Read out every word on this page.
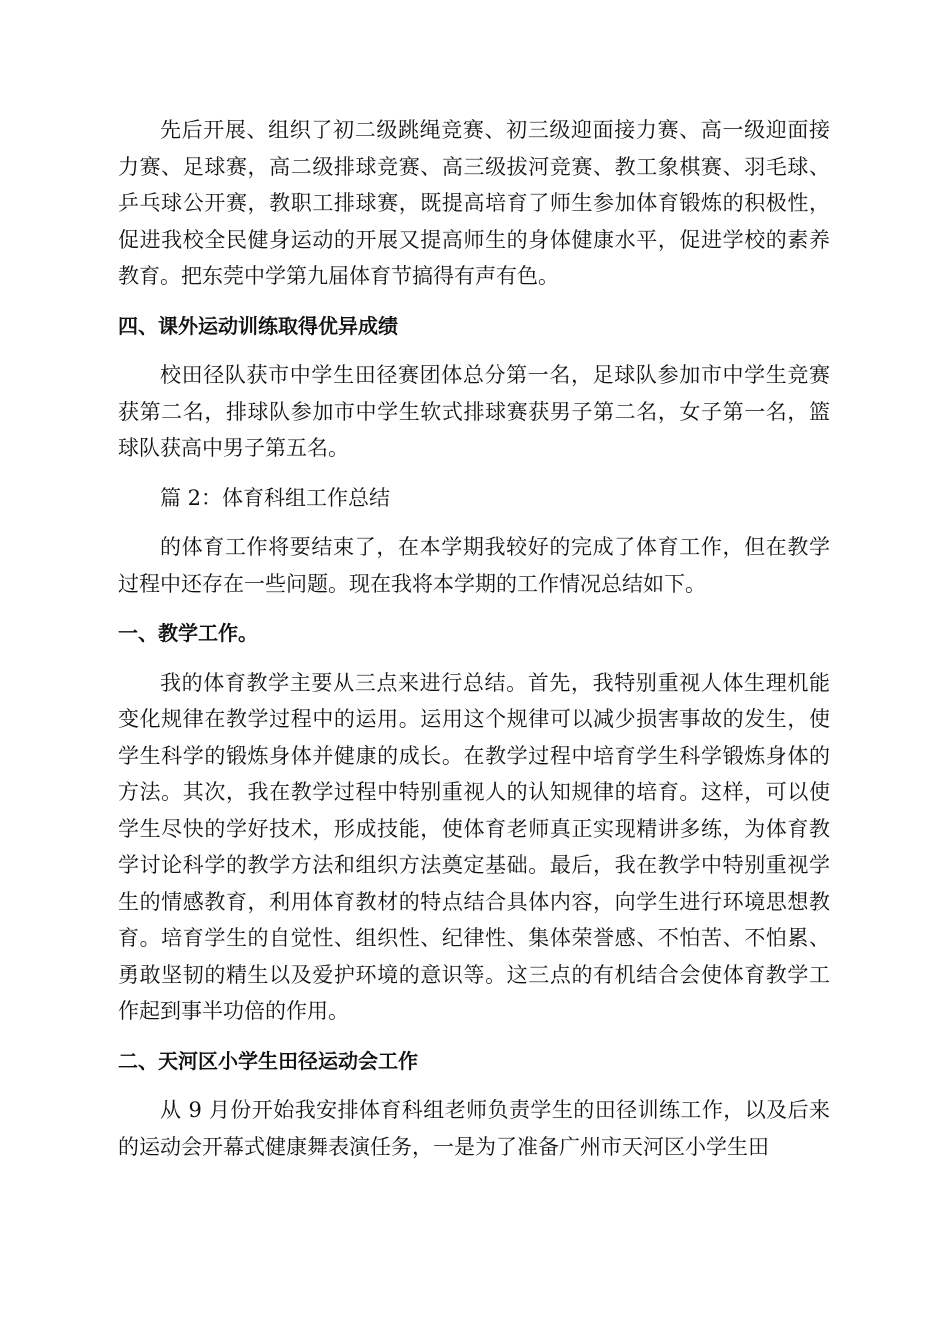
先后开展、组织了初二级跳绳竞赛、初三级迎面接力赛、高一级迎面接力赛、足球赛，高二级排球竞赛、高三级拔河竞赛、教工象棋赛、羽毛球、乒乓球公开赛，教职工排球赛，既提高培育了师生参加体育锻炼的积极性，促进我校全民健身运动的开展又提高师生的身体健康水平，促进学校的素养教育。把东莞中学第九届体育节搞得有声有色。

四、课外运动训练取得优异成绩

校田径队获市中学生田径赛团体总分第一名，足球队参加市中学生竞赛获第二名，排球队参加市中学生软式排球赛获男子第二名，女子第一名，篮球队获高中男子第五名。

篇 2：体育科组工作总结

的体育工作将要结束了，在本学期我较好的完成了体育工作，但在教学过程中还存在一些问题。现在我将本学期的工作情况总结如下。

一、教学工作。

我的体育教学主要从三点来进行总结。首先，我特别重视人体生理机能变化规律在教学过程中的运用。运用这个规律可以减少损害事故的发生，使学生科学的锻炼身体并健康的成长。在教学过程中培育学生科学锻炼身体的方法。其次，我在教学过程中特别重视人的认知规律的培育。这样，可以使学生尽快的学好技术，形成技能，使体育老师真正实现精讲多练，为体育教学讨论科学的教学方法和组织方法奠定基础。最后，我在教学中特别重视学生的情感教育，利用体育教材的特点结合具体内容，向学生进行环境思想教育。培育学生的自觉性、组织性、纪律性、集体荣誉感、不怕苦、不怕累、勇敢坚韧的精生以及爱护环境的意识等。这三点的有机结合会使体育教学工作起到事半功倍的作用。

二、天河区小学生田径运动会工作

从 9 月份开始我安排体育科组老师负责学生的田径训练工作，以及后来的运动会开幕式健康舞表演任务，一是为了准备广州市天河区小学生田
